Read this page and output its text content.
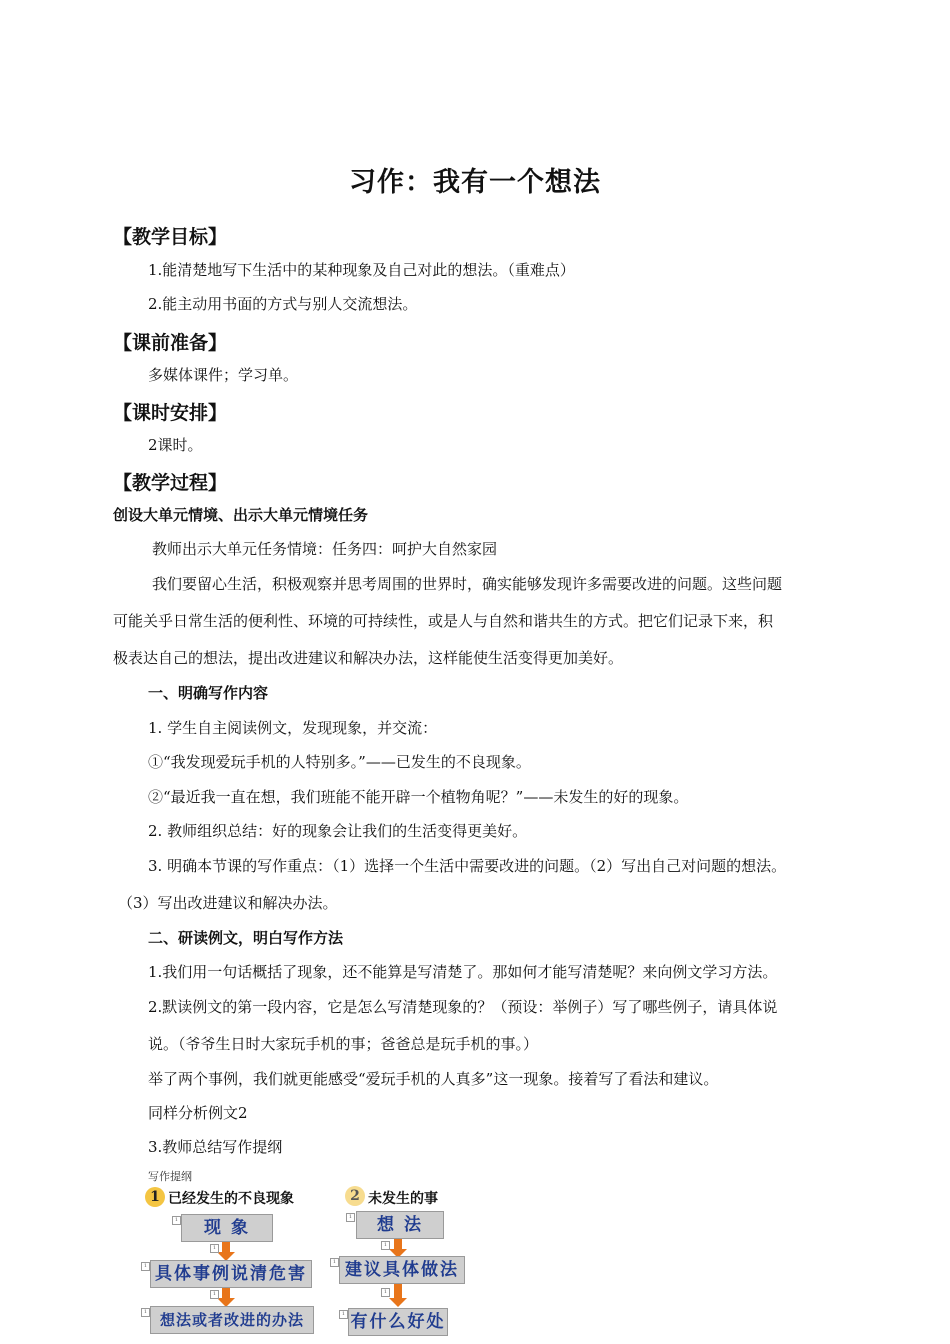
习作：我有一个想法
【教学目标】
1.能清楚地写下生活中的某种现象及自己对此的想法。（重难点）
2.能主动用书面的方式与别人交流想法。
【课前准备】
多媒体课件；学习单。
【课时安排】
2课时。
【教学过程】
创设大单元情境、出示大单元情境任务
教师出示大单元任务情境：任务四：呵护大自然家园
我们要留心生活，积极观察并思考周围的世界时，确实能够发现许多需要改进的问题。这些问题
可能关乎日常生活的便利性、环境的可持续性，或是人与自然和谐共生的方式。把它们记录下来，积
极表达自己的想法，提出改进建议和解决办法，这样能使生活变得更加美好。
一、明确写作内容
1. 学生自主阅读例文，发现现象，并交流：
①“我发现爱玩手机的人特别多。”——已发生的不良现象。
②“最近我一直在想，我们班能不能开辟一个植物角呢？”——未发生的好的现象。
2. 教师组织总结：好的现象会让我们的生活变得更美好。
3. 明确本节课的写作重点：（1）选择一个生活中需要改进的问题。（2）写出自己对问题的想法。
（3）写出改进建议和解决办法。
二、研读例文，明白写作方法
1.我们用一句话概括了现象，还不能算是写清楚了。那如何才能写清楚呢？来向例文学习方法。
2.默读例文的第一段内容，它是怎么写清楚现象的？（预设：举例子）写了哪些例子，请具体说
说。（爷爷生日时大家玩手机的事；爸爸总是玩手机的事。）
举了两个事例，我们就更能感受“爱玩手机的人真多”这一现象。接着写了看法和建议。
同样分析例文2
3.教师总结写作提纲
写作提纲
1 已经发生的不良现象
1	现 象
1
1 具体事例说清危害
1
1 想法或者改进的办法
2 未发生的事
1	想 法
1
1 建议具体做法
1
1 有什么好处
